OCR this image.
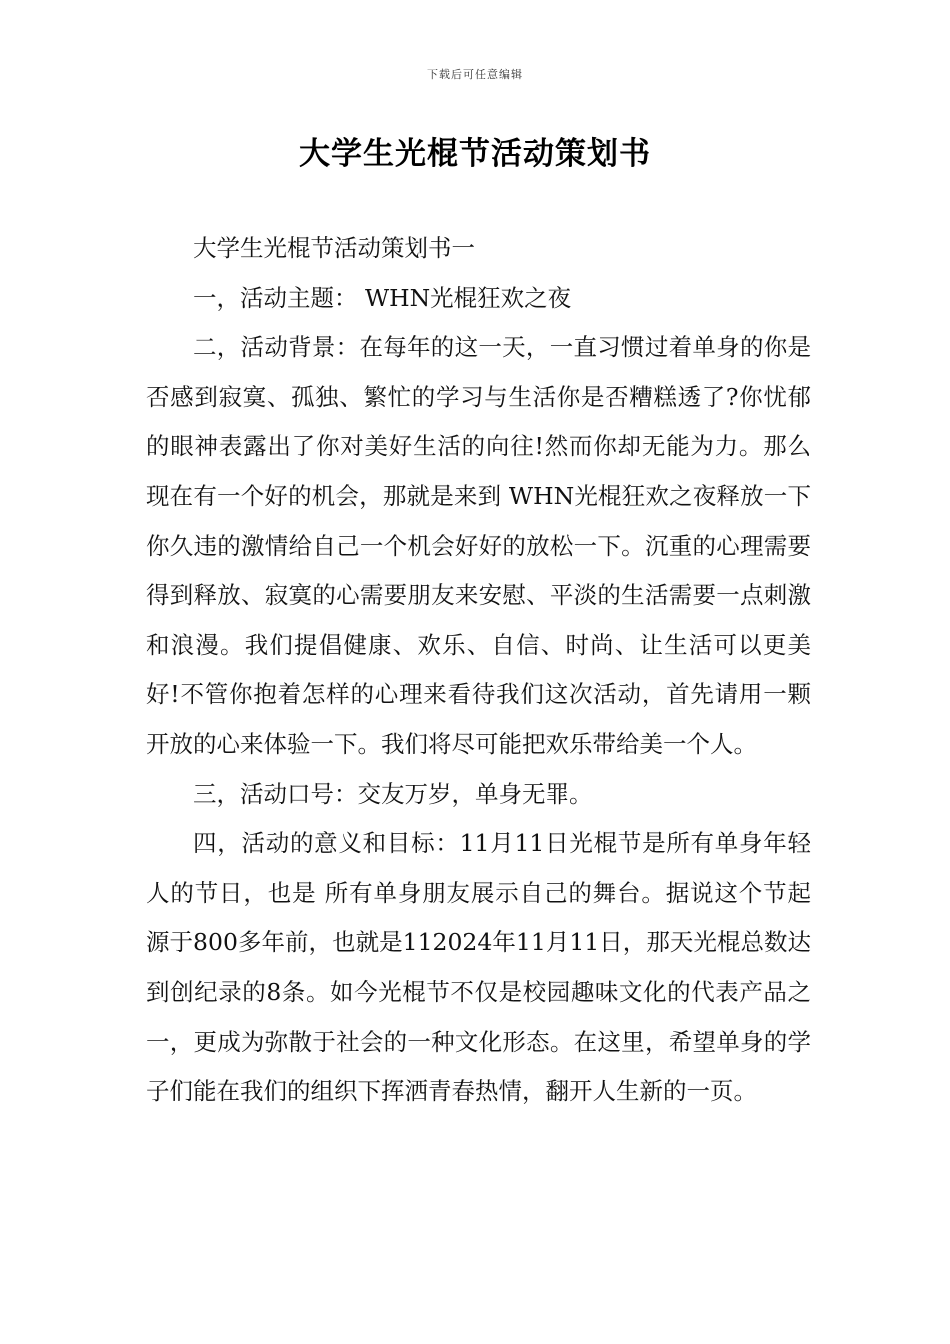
下载后可任意编辑
大学生光棍节活动策划书

大学生光棍节活动策划书一

一，活动主题： WHN光棍狂欢之夜

二，活动背景：在每年的这一天，一直习惯过着单身的你是否感到寂寞、孤独、繁忙的学习与生活你是否糟糕透了?你忧郁的眼神表露出了你对美好生活的向往!然而你却无能为力。那么现在有一个好的机会，那就是来到 WHN光棍狂欢之夜释放一下你久违的激情给自己一个机会好好的放松一下。沉重的心理需要得到释放、寂寞的心需要朋友来安慰、平淡的生活需要一点刺激和浪漫。我们提倡健康、欢乐、自信、时尚、让生活可以更美好!不管你抱着怎样的心理来看待我们这次活动，首先请用一颗开放的心来体验一下。我们将尽可能把欢乐带给美一个人。

三，活动口号：交友万岁，单身无罪。

四，活动的意义和目标：11月11日光棍节是所有单身年轻人的节日，也是 所有单身朋友展示自己的舞台。据说这个节起源于800多年前，也就是112024年11月11日，那天光棍总数达到创纪录的8条。如今光棍节不仅是校园趣味文化的代表产品之一，更成为弥散于社会的一种文化形态。在这里，希望单身的学子们能在我们的组织下挥洒青春热情，翻开人生新的一页。
